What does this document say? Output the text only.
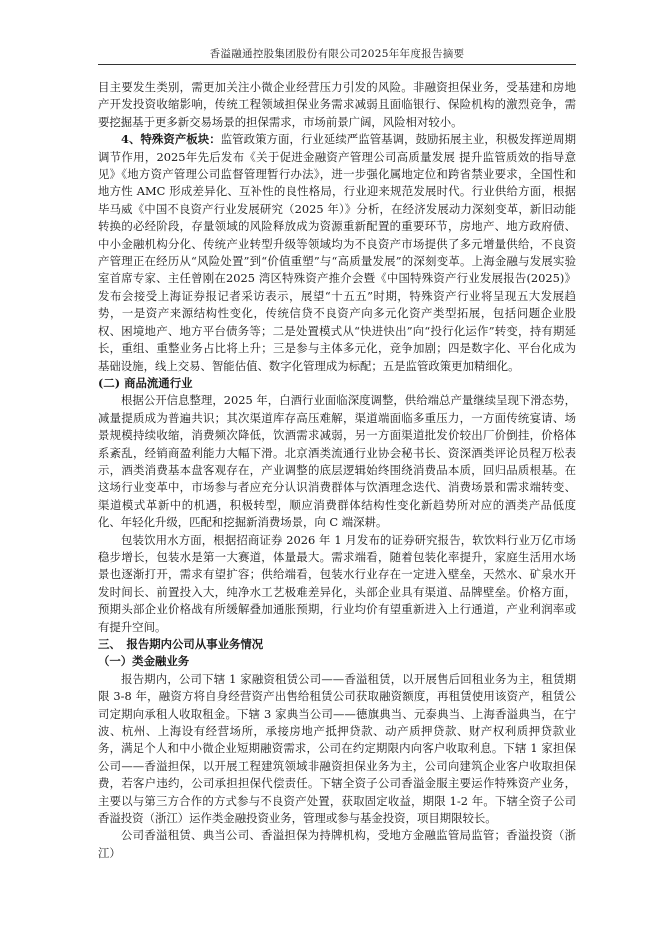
香溢融通控股集团股份有限公司2025年年度报告摘要

目主要发生类别，需更加关注小微企业经营压力引发的风险。非融资担保业务，受基建和房地产开发投资收缩影响，传统工程领域担保业务需求减弱且面临银行、保险机构的激烈竞争，需要挖掘基于更多新交易场景的担保需求，市场前景广阔，风险相对较小。

4、特殊资产板块：监管政策方面，行业延续严监管基调，鼓励拓展主业，积极发挥逆周期调节作用，2025年先后发布《关于促进金融资产管理公司高质量发展 提升监管质效的指导意见》《地方资产管理公司监督管理暂行办法》，进一步强化属地定位和跨省禁业要求，全国性和地方性 AMC 形成差异化、互补性的良性格局，行业迎来规范发展时代。行业供给方面，根据毕马威《中国不良资产行业发展研究（2025 年）》分析，在经济发展动力深刻变革，新旧动能转换的必经阶段，存量领域的风险释放成为资源重新配置的重要环节，房地产、地方政府债、中小金融机构分化、传统产业转型升级等领域均为不良资产市场提供了多元增量供给，不良资产管理正在经历从“风险处置”到“价值重塑”与“高质量发展”的深刻变革。上海金融与发展实验室首席专家、主任曾刚在2025 湾区特殊资产推介会暨《中国特殊资产行业发展报告(2025)》发布会接受上海证券报记者采访表示，展望“十五五”时期，特殊资产行业将呈现五大发展趋势，一是资产来源结构性变化，传统信贷不良资产向多元化资产类型拓展，包括问题企业股权、困境地产、地方平台债务等；二是处置模式从“快进快出”向“投行化运作”转变，持有期延长，重组、重整业务占比将上升；三是参与主体多元化，竞争加剧；四是数字化、平台化成为基础设施，线上交易、智能估值、数字化管理成为标配；五是监管政策更加精细化。

(二) 商品流通行业

根据公开信息整理，2025 年，白酒行业面临深度调整，供给端总产量继续呈现下滑态势，减量提质成为普遍共识；其次渠道库存高压难解，渠道端面临多重压力，一方面传统宴请、场景规模持续收缩，消费频次降低，饮酒需求减弱，另一方面渠道批发价较出厂价倒挂，价格体系紊乱，经销商盈利能力大幅下滑。北京酒类流通行业协会秘书长、资深酒类评论员程万松表示，酒类消费基本盘客观存在，产业调整的底层逻辑始终围绕消费品本质，回归品质根基。在这场行业变革中，市场参与者应充分认识消费群体与饮酒理念迭代、消费场景和需求端转变、渠道模式革新中的机遇，积极转型，顺应消费群体结构性变化新趋势所对应的酒类产品低度化、年轻化升级，匹配和挖掘新消费场景，向 C 端深耕。

包装饮用水方面，根据招商证券 2026 年 1 月发布的证券研究报告，软饮料行业万亿市场稳步增长，包装水是第一大赛道，体量最大。需求端看，随着包装化率提升，家庭生活用水场景也逐渐打开，需求有望扩容；供给端看，包装水行业存在一定进入壁垒，天然水、矿泉水开发时间长、前置投入大，纯净水工艺极难差异化，头部企业具有渠道、品牌壁垒。价格方面，预期头部企业价格战有所缓解叠加通胀预期，行业均价有望重新进入上行通道，产业利润率或有提升空间。

三、　报告期内公司从事业务情况

（一）类金融业务

报告期内，公司下辖 1 家融资租赁公司——香溢租赁，以开展售后回租业务为主，租赁期限 3-8 年，融资方将自身经营资产出售给租赁公司获取融资额度，再租赁使用该资产，租赁公司定期向承租人收取租金。下辖 3 家典当公司——德旗典当、元泰典当、上海香溢典当，在宁波、杭州、上海设有经营场所，承接房地产抵押贷款、动产质押贷款、财产权利质押贷款业务，满足个人和中小微企业短期融资需求，公司在约定期限内向客户收取利息。下辖 1 家担保公司——香溢担保，以开展工程建筑领域非融资担保业务为主，公司向建筑企业客户收取担保费，若客户违约，公司承担担保代偿责任。下辖全资子公司香溢金服主要运作特殊资产业务，主要以与第三方合作的方式参与不良资产处置，获取固定收益，期限 1-2 年。下辖全资子公司香溢投资（浙江）运作类金融投资业务，管理或参与基金投资，项目期限较长。

公司香溢租赁、典当公司、香溢担保为持牌机构，受地方金融监管局监管；香溢投资（浙江）
